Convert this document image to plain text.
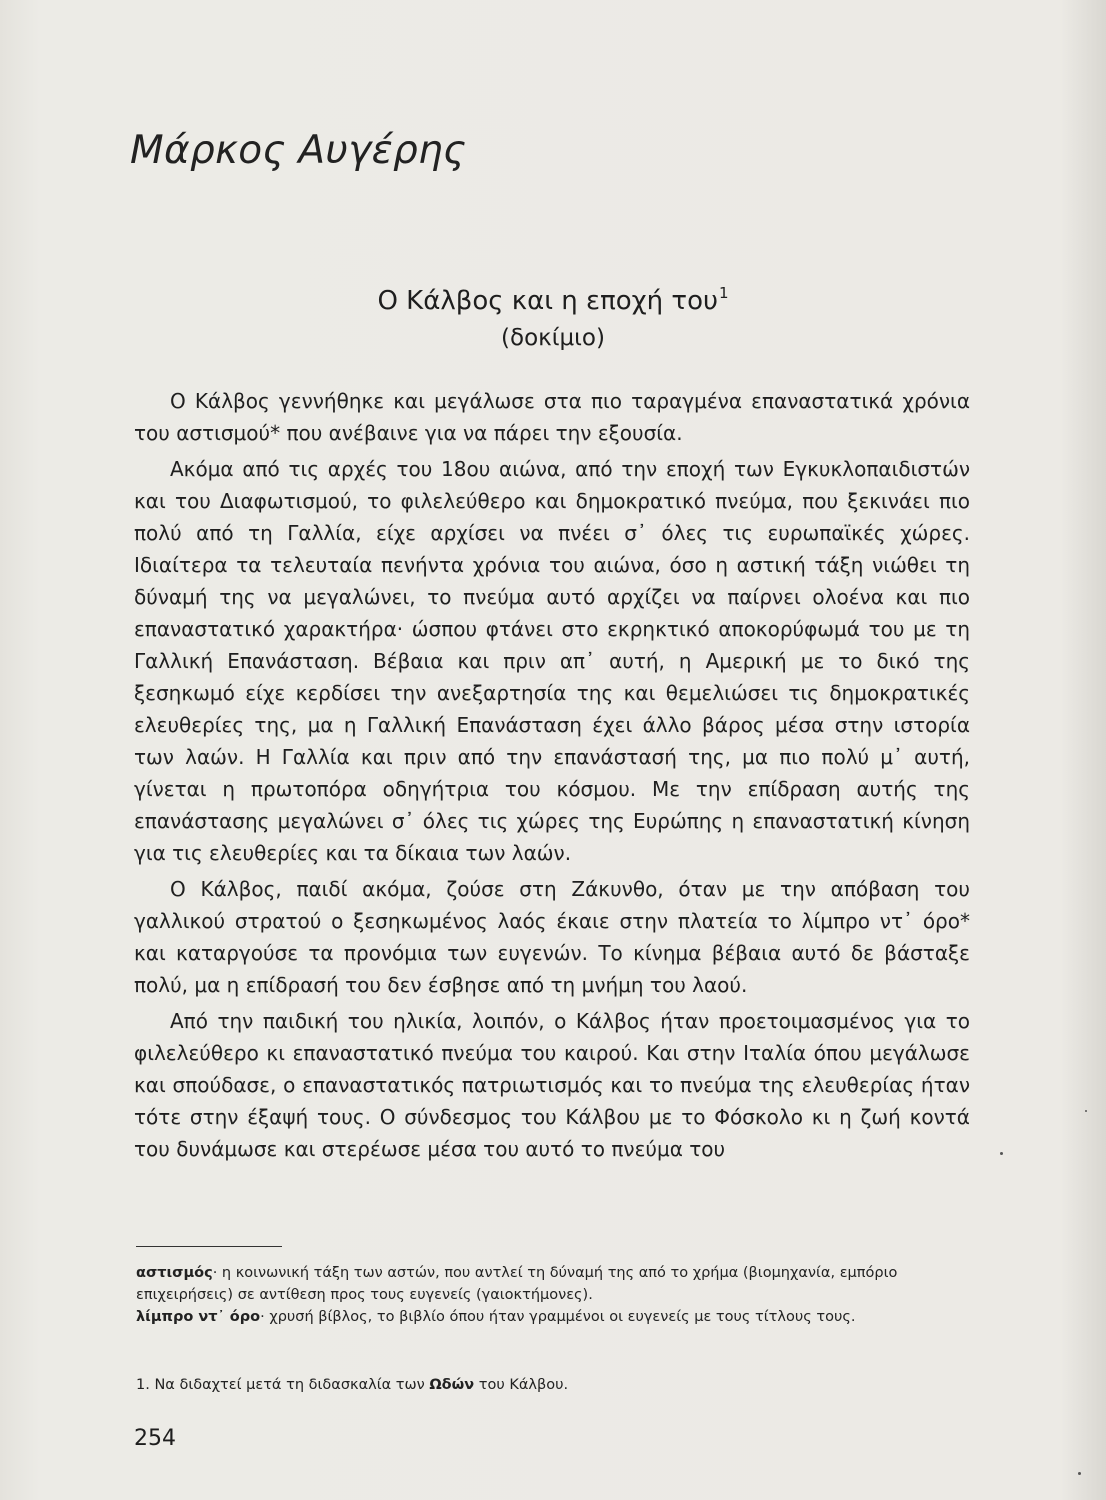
Μάρκος Αυγέρης
Ο Κάλβος και η εποχή του$^1$
(δοκίμιο)

Ο Κάλβος γεννήθηκε και μεγάλωσε στα πιο ταραγμένα επαναστατικά χρόνια του αστισμού* που ανέβαινε για να πάρει την εξουσία.

Ακόμα από τις αρχές του 18ου αιώνα, από την εποχή των Εγκυκλοπαιδιστών και του Διαφωτισμού, το φιλελεύθερο και δημοκρατικό πνεύμα, που ξεκινάει πιο πολύ από τη Γαλλία, είχε αρχίσει να πνέει σ᾽ όλες τις ευρωπαϊκές χώρες. Ιδιαίτερα τα τελευταία πενήντα χρόνια του αιώνα, όσο η αστική τάξη νιώθει τη δύναμή της να μεγαλώνει, το πνεύμα αυτό αρχίζει να παίρνει ολοένα και πιο επαναστατικό χαρακτήρα· ώσπου φτάνει στο εκρηκτικό αποκορύφωμά του με τη Γαλλική Επανάσταση. Βέβαια και πριν απ᾽ αυτή, η Αμερική με το δικό της ξεσηκωμό είχε κερδίσει την ανεξαρτησία της και θεμελιώσει τις δημοκρατικές ελευθερίες της, μα η Γαλλική Επανάσταση έχει άλλο βάρος μέσα στην ιστορία των λαών. Η Γαλλία και πριν από την επανάστασή της, μα πιο πολύ μ᾽ αυτή, γίνεται η πρωτοπόρα οδηγήτρια του κόσμου. Με την επίδραση αυτής της επανάστασης μεγαλώνει σ᾽ όλες τις χώρες της Ευρώπης η επαναστατική κίνηση για τις ελευθερίες και τα δίκαια των λαών.

Ο Κάλβος, παιδί ακόμα, ζούσε στη Ζάκυνθο, όταν με την απόβαση του γαλλικού στρατού ο ξεσηκωμένος λαός έκαιε στην πλατεία το λίμπρο ντ᾽ όρο* και καταργούσε τα προνόμια των ευγενών. Το κίνημα βέβαια αυτό δε βάσταξε πολύ, μα η επίδρασή του δεν έσβησε από τη μνήμη του λαού.

Από την παιδική του ηλικία, λοιπόν, ο Κάλβος ήταν προετοιμασμένος για το φιλελεύθερο κι επαναστατικό πνεύμα του καιρού. Και στην Ιταλία όπου μεγάλωσε και σπούδασε, ο επαναστατικός πατριωτισμός και το πνεύμα της ελευθερίας ήταν τότε στην έξαψή τους. Ο σύνδεσμος του Κάλβου με το Φόσκολο κι η ζωή κοντά του δυνάμωσε και στερέωσε μέσα του αυτό το πνεύμα του

αστισμός· η κοινωνική τάξη των αστών, που αντλεί τη δύναμή της από το χρήμα (βιομηχανία, εμπόριο επιχειρήσεις) σε αντίθεση προς τους ευγενείς (γαιοκτήμονες).

λίμπρο ντ᾽ όρο· χρυσή βίβλος, το βιβλίο όπου ήταν γραμμένοι οι ευγενείς με τους τίτλους τους.

1. Να διδαχτεί μετά τη διδασκαλία των Ωδών του Κάλβου.
254
